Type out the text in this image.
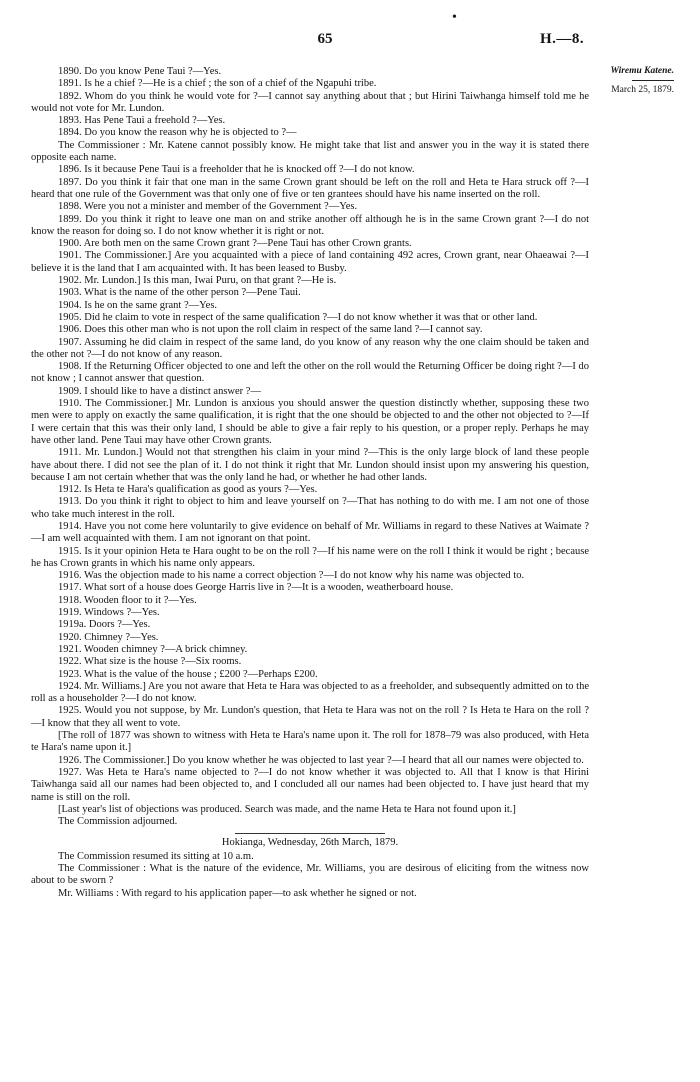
•
65	H.—8.
Wiremu Katene.
March 25, 1879.

1890. Do you know Pene Taui ?—Yes.

1891. Is he a chief ?—He is a chief ; the son of a chief of the Ngapuhi tribe.

1892. Whom do you think he would vote for ?—I cannot say anything about that ; but Hirini Taiwhanga himself told me he would not vote for Mr. Lundon.

1893. Has Pene Taui a freehold ?—Yes.

1894. Do you know the reason why he is objected to ?—

The Commissioner : Mr. Katene cannot possibly know. He might take that list and answer you in the way it is stated there opposite each name.

1896. Is it because Pene Taui is a freeholder that he is knocked off ?—I do not know.

1897. Do you think it fair that one man in the same Crown grant should be left on the roll and Heta te Hara struck off ?—I heard that one rule of the Government was that only one of five or ten grantees should have his name inserted on the roll.

1898. Were you not a minister and member of the Government ?—Yes.

1899. Do you think it right to leave one man on and strike another off although he is in the same Crown grant ?—I do not know the reason for doing so. I do not know whether it is right or not.

1900. Are both men on the same Crown grant ?—Pene Taui has other Crown grants.

1901. The Commissioner.] Are you acquainted with a piece of land containing 492 acres, Crown grant, near Ohaeawai ?—I believe it is the land that I am acquainted with. It has been leased to Busby.

1902. Mr. Lundon.] Is this man, Iwai Puru, on that grant ?—He is.

1903. What is the name of the other person ?—Pene Taui.

1904. Is he on the same grant ?—Yes.

1905. Did he claim to vote in respect of the same qualification ?—I do not know whether it was that or other land.

1906. Does this other man who is not upon the roll claim in respect of the same land ?—I cannot say.

1907. Assuming he did claim in respect of the same land, do you know of any reason why the one claim should be taken and the other not ?—I do not know of any reason.

1908. If the Returning Officer objected to one and left the other on the roll would the Returning Officer be doing right ?—I do not know ; I cannot answer that question.

1909. I should like to have a distinct answer ?—

1910. The Commissioner.] Mr. Lundon is anxious you should answer the question distinctly whether, supposing these two men were to apply on exactly the same qualification, it is right that the one should be objected to and the other not objected to ?—If I were certain that this was their only land, I should be able to give a fair reply to his question, or a proper reply. Perhaps he may have other land. Pene Taui may have other Crown grants.

1911. Mr. Lundon.] Would not that strengthen his claim in your mind ?—This is the only large block of land these people have about there. I did not see the plan of it. I do not think it right that Mr. Lundon should insist upon my answering his question, because I am not certain whether that was the only land he had, or whether he had other lands.

1912. Is Heta te Hara's qualification as good as yours ?—Yes.

1913. Do you think it right to object to him and leave yourself on ?—That has nothing to do with me. I am not one of those who take much interest in the roll.

1914. Have you not come here voluntarily to give evidence on behalf of Mr. Williams in regard to these Natives at Waimate ?—I am well acquainted with them. I am not ignorant on that point.

1915. Is it your opinion Heta te Hara ought to be on the roll ?—If his name were on the roll I think it would be right ; because he has Crown grants in which his name only appears.

1916. Was the objection made to his name a correct objection ?—I do not know why his name was objected to.

1917. What sort of a house does George Harris live in ?—It is a wooden, weatherboard house.

1918. Wooden floor to it ?—Yes.

1919. Windows ?—Yes.

1919a. Doors ?—Yes.

1920. Chimney ?—Yes.

1921. Wooden chimney ?—A brick chimney.

1922. What size is the house ?—Six rooms.

1923. What is the value of the house ; £200 ?—Perhaps £200.

1924. Mr. Williams.] Are you not aware that Heta te Hara was objected to as a freeholder, and subsequently admitted on to the roll as a householder ?—I do not know.

1925. Would you not suppose, by Mr. Lundon's question, that Heta te Hara was not on the roll ? Is Heta te Hara on the roll ?—I know that they all went to vote.

[The roll of 1877 was shown to witness with Heta te Hara's name upon it. The roll for 1878–79 was also produced, with Heta te Hara's name upon it.]

1926. The Commissioner.] Do you know whether he was objected to last year ?—I heard that all our names were objected to.

1927. Was Heta te Hara's name objected to ?—I do not know whether it was objected to. All that I know is that Hirini Taiwhanga said all our names had been objected to, and I concluded all our names had been objected to. I have just heard that my name is still on the roll.

[Last year's list of objections was produced. Search was made, and the name Heta te Hara not found upon it.]

The Commission adjourned.

Hokianga, Wednesday, 26th March, 1879.

The Commission resumed its sitting at 10 a.m.

The Commissioner : What is the nature of the evidence, Mr. Williams, you are desirous of eliciting from the witness now about to be sworn ?

Mr. Williams : With regard to his application paper—to ask whether he signed or not.
